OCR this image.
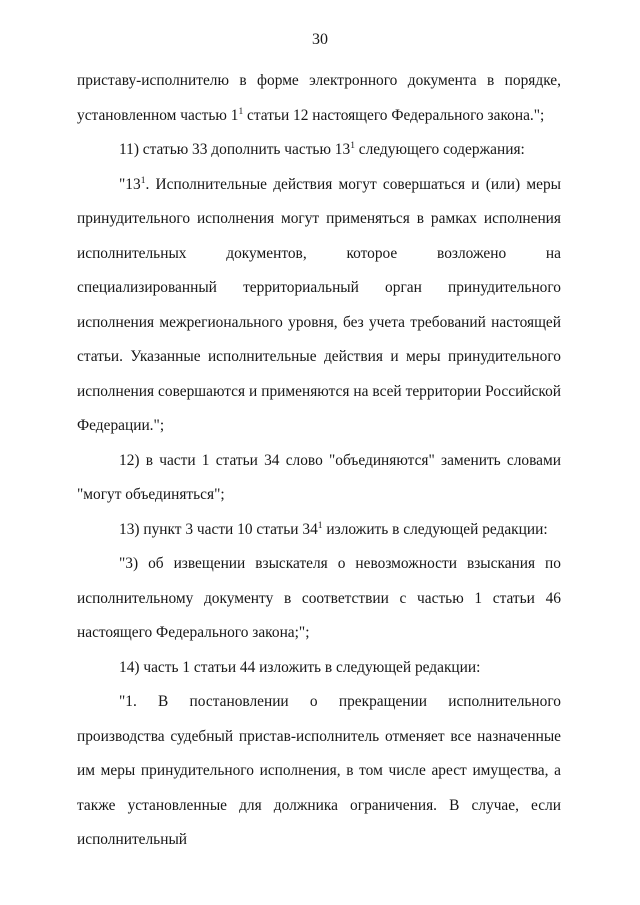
30

приставу-исполнителю в форме электронного документа в порядке, установленном частью $1^1$ статьи 12 настоящего Федерального закона.";

11) статью 33 дополнить частью $13^1$ следующего содержания:

"$13^1$. Исполнительные действия могут совершаться и (или) меры принудительного исполнения могут применяться в рамках исполнения исполнительных документов, которое возложено на специализированный территориальный орган принудительного исполнения межрегионального уровня, без учета требований настоящей статьи. Указанные исполнительные действия и меры принудительного исполнения совершаются и применяются на всей территории Российской Федерации.";

12) в части 1 статьи 34 слово "объединяются" заменить словами "могут объединяться";

13) пункт 3 части 10 статьи $34^1$ изложить в следующей редакции:

"3) об извещении взыскателя о невозможности взыскания по исполнительному документу в соответствии с частью 1 статьи 46 настоящего Федерального закона;";

14) часть 1 статьи 44 изложить в следующей редакции:

"1. В постановлении о прекращении исполнительного производства судебный пристав-исполнитель отменяет все назначенные им меры принудительного исполнения, в том числе арест имущества, а также установленные для должника ограничения. В случае, если исполнительный
